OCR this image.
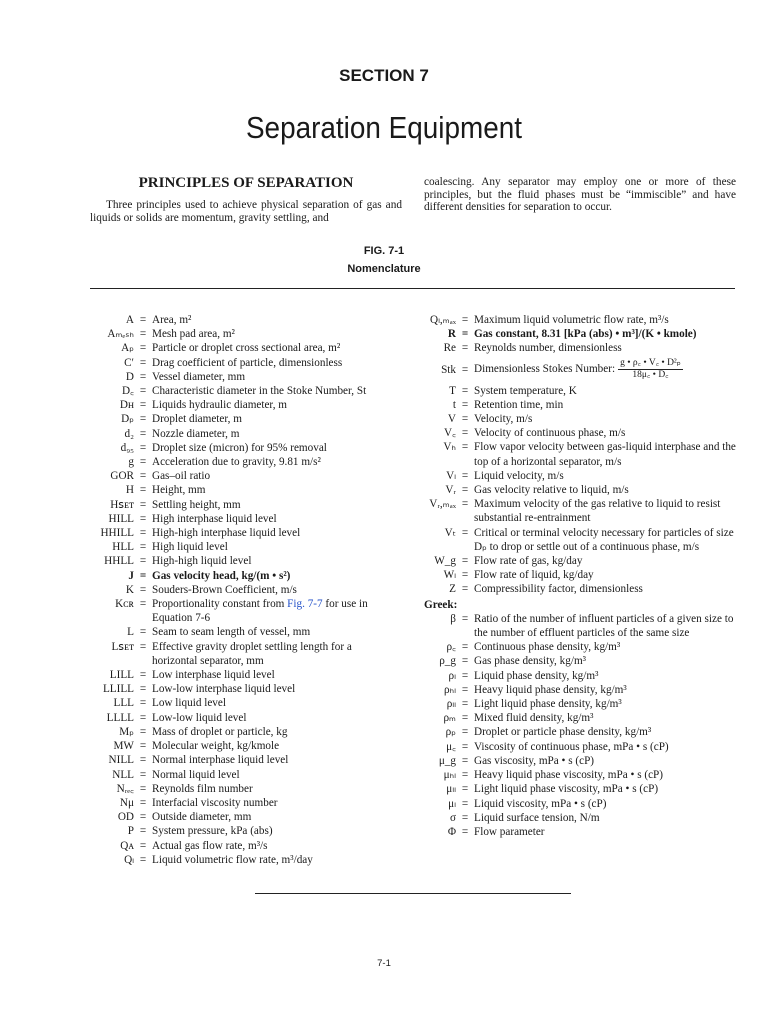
SECTION 7
Separation Equipment
PRINCIPLES OF SEPARATION

Three principles used to achieve physical separation of gas and liquids or solids are momentum, gravity settling, and

coalescing. Any separator may employ one or more of these principles, but the fluid phases must be “immiscible” and have different densities for separation to occur.

FIG. 7-1
Nomenclature
A = Area, m²
Aₘₑₛₕ = Mesh pad area, m²
Aₚ = Particle or droplet cross sectional area, m²
C′ = Drag coefficient of particle, dimensionless
D = Vessel diameter, mm
D꜀ = Characteristic diameter in the Stoke Number, St
Dʜ = Liquids hydraulic diameter, m
Dₚ = Droplet diameter, m
d₂ = Nozzle diameter, m
d₉₅ = Droplet size (micron) for 95% removal
g = Acceleration due to gravity, 9.81 m/s²
GOR = Gas–oil ratio
H = Height, mm
Hꜱᴇᴛ = Settling height, mm
HILL = High interphase liquid level
HHILL = High-high interphase liquid level
HLL = High liquid level
HHLL = High-high liquid level
J = Gas velocity head, kg/(m • s²)
K = Souders-Brown Coefficient, m/s
Kᴄʀ = Proportionality constant from Fig. 7-7 for use in Equation 7-6
L = Seam to seam length of vessel, mm
Lꜱᴇᴛ = Effective gravity droplet settling length for a horizontal separator, mm
LILL = Low interphase liquid level
LLILL = Low-low interphase liquid level
LLL = Low liquid level
LLLL = Low-low liquid level
Mₚ = Mass of droplet or particle, kg
MW = Molecular weight, kg/kmole
NILL = Normal interphase liquid level
NLL = Normal liquid level
Nᵣₑ꜀ = Reynolds film number
Nμ = Interfacial viscosity number
OD = Outside diameter, mm
P = System pressure, kPa (abs)
Qᴀ = Actual gas flow rate, m³/s
Qₗ = Liquid volumetric flow rate, m³/day
Qₗ,ₘₐₓ = Maximum liquid volumetric flow rate, m³/s
R = Gas constant, 8.31 [kPa (abs) • m³]/(K • kmole)
Re = Reynolds number, dimensionless
Stk = Dimensionless Stokes Number: $\frac{\text{g • ρ꜀ • V꜀ • D²ₚ}}{18\mu꜀ • D꜀}$
T = System temperature, K
t = Retention time, min
V = Velocity, m/s
V꜀ = Velocity of continuous phase, m/s
Vₕ = Flow vapor velocity between gas-liquid interphase and the top of a horizontal separator, m/s
Vₗ = Liquid velocity, m/s
Vᵣ = Gas velocity relative to liquid, m/s
Vᵣ,ₘₐₓ = Maximum velocity of the gas relative to liquid to resist substantial re-entrainment
Vₜ = Critical or terminal velocity necessary for particles of size Dₚ to drop or settle out of a continuous phase, m/s
W_g = Flow rate of gas, kg/day
Wₗ = Flow rate of liquid, kg/day
Z = Compressibility factor, dimensionless
Greek:
β = Ratio of the number of influent particles of a given size to the number of effluent particles of the same size
ρ꜀ = Continuous phase density, kg/m³
ρ_g = Gas phase density, kg/m³
ρₗ = Liquid phase density, kg/m³
ρₕₗ = Heavy liquid phase density, kg/m³
ρₗₗ = Light liquid phase density, kg/m³
ρₘ = Mixed fluid density, kg/m³
ρₚ = Droplet or particle phase density, kg/m³
μ꜀ = Viscosity of continuous phase, mPa • s (cP)
μ_g = Gas viscosity, mPa • s (cP)
μₕₗ = Heavy liquid phase viscosity, mPa • s (cP)
μₗₗ = Light liquid phase viscosity, mPa • s (cP)
μₗ = Liquid viscosity, mPa • s (cP)
σ = Liquid surface tension, N/m
Φ = Flow parameter
7-1
